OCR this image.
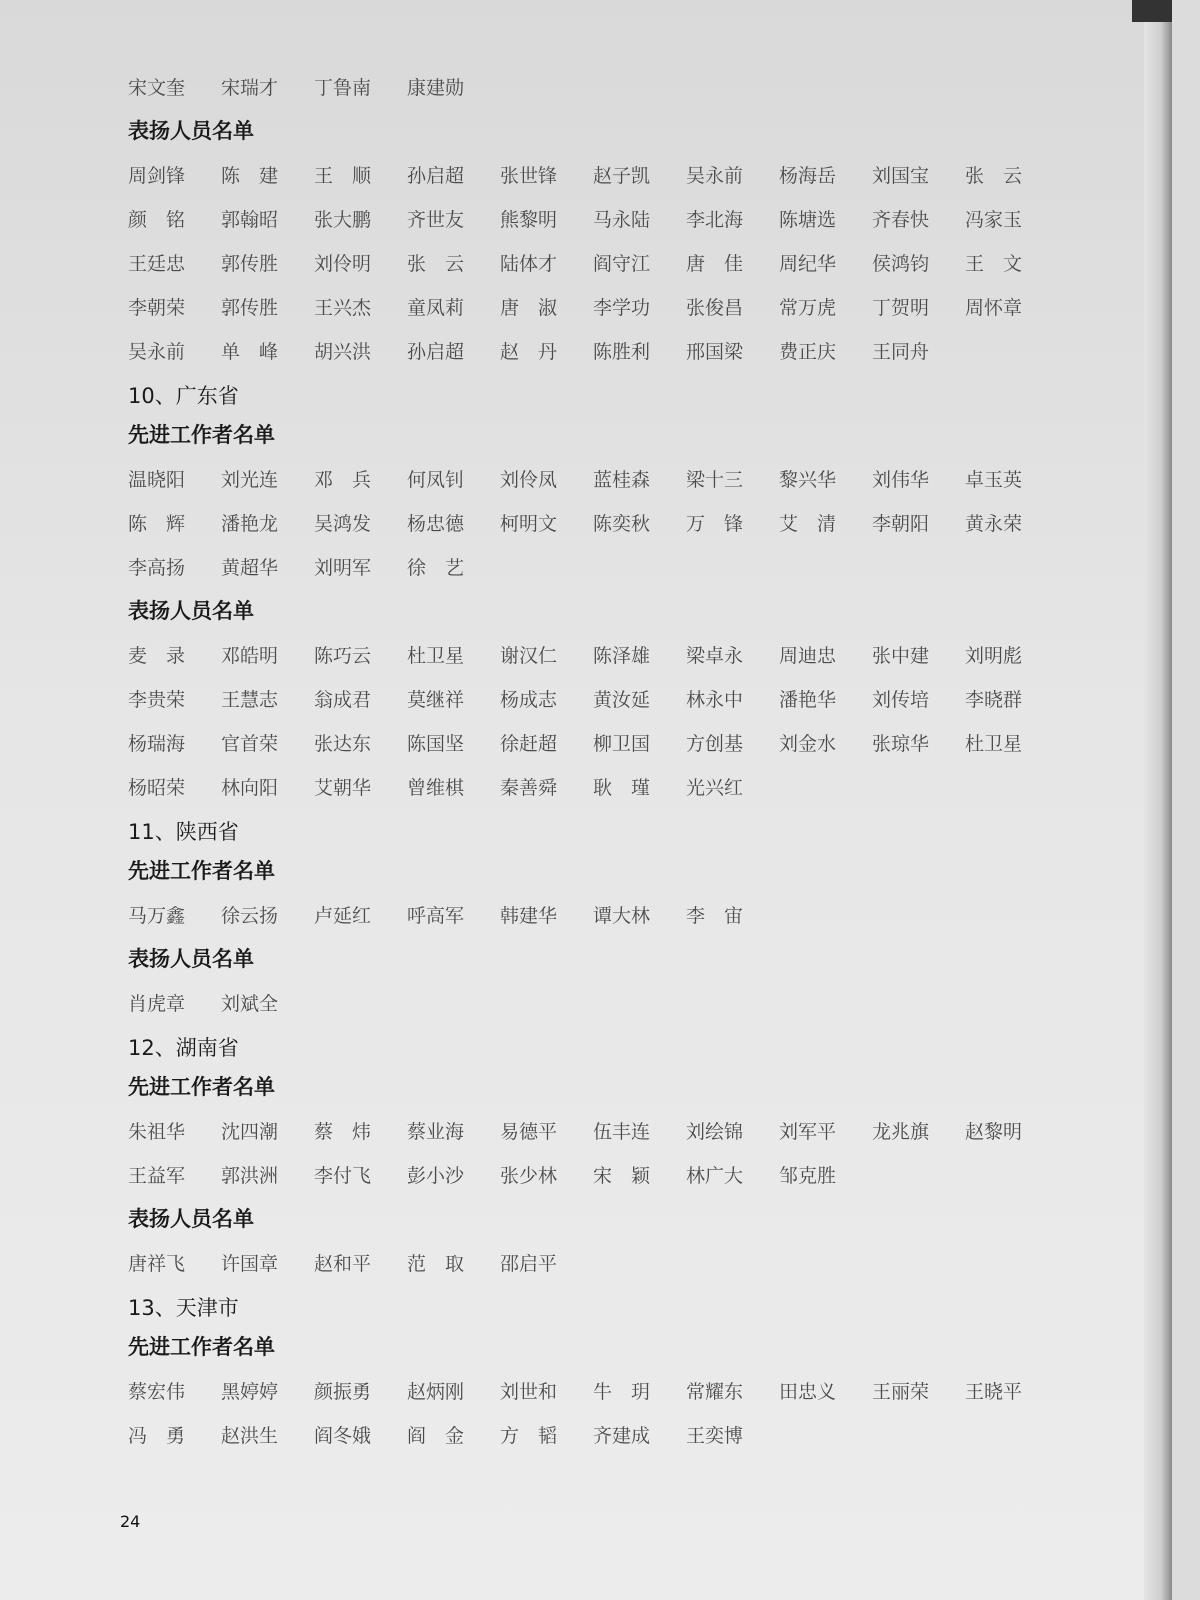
宋文奎	宋瑞才	丁鲁南	康建勋
表扬人员名单
周剑锋	陈　建	王　顺	孙启超	张世锋	赵子凯	吴永前	杨海岳	刘国宝	张　云
颜　铭	郭翰昭	张大鹏	齐世友	熊黎明	马永陆	李北海	陈塘选	齐春快	冯家玉
王廷忠	郭传胜	刘伶明	张　云	陆体才	阎守江	唐　佳	周纪华	侯鸿钧	王　文
李朝荣	郭传胜	王兴杰	童凤莉	唐　淑	李学功	张俊昌	常万虎	丁贺明	周怀章
吴永前	单　峰	胡兴洪	孙启超	赵　丹	陈胜利	邢国梁	费正庆	王同舟
10、广东省
先进工作者名单
温晓阳	刘光连	邓　兵	何凤钊	刘伶凤	蓝桂森	梁十三	黎兴华	刘伟华	卓玉英
陈　辉	潘艳龙	吴鸿发	杨忠德	柯明文	陈奕秋	万　锋	艾　清	李朝阳	黄永荣
李高扬	黄超华	刘明军	徐　艺
表扬人员名单
麦　录	邓皓明	陈巧云	杜卫星	谢汉仁	陈泽雄	梁卓永	周迪忠	张中建	刘明彪
李贵荣	王慧志	翁成君	莫继祥	杨成志	黄汝延	林永中	潘艳华	刘传培	李晓群
杨瑞海	官首荣	张达东	陈国坚	徐赶超	柳卫国	方创基	刘金水	张琼华	杜卫星
杨昭荣	林向阳	艾朝华	曾维棋	秦善舜	耿　瑾	光兴红
11、陕西省
先进工作者名单
马万鑫	徐云扬	卢延红	呼高军	韩建华	谭大林	李　宙
表扬人员名单
肖虎章	刘斌全
12、湖南省
先进工作者名单
朱祖华	沈四潮	蔡　炜	蔡业海	易德平	伍丰连	刘绘锦	刘军平	龙兆旗	赵黎明
王益军	郭洪洲	李付飞	彭小沙	张少林	宋　颖	林广大	邹克胜
表扬人员名单
唐祥飞	许国章	赵和平	范　取	邵启平
13、天津市
先进工作者名单
蔡宏伟	黑婷婷	颜振勇	赵炳刚	刘世和	牛　玥	常耀东	田忠义	王丽荣	王晓平
冯　勇	赵洪生	阎冬娥	阎　金	方　韬	齐建成	王奕博
24
